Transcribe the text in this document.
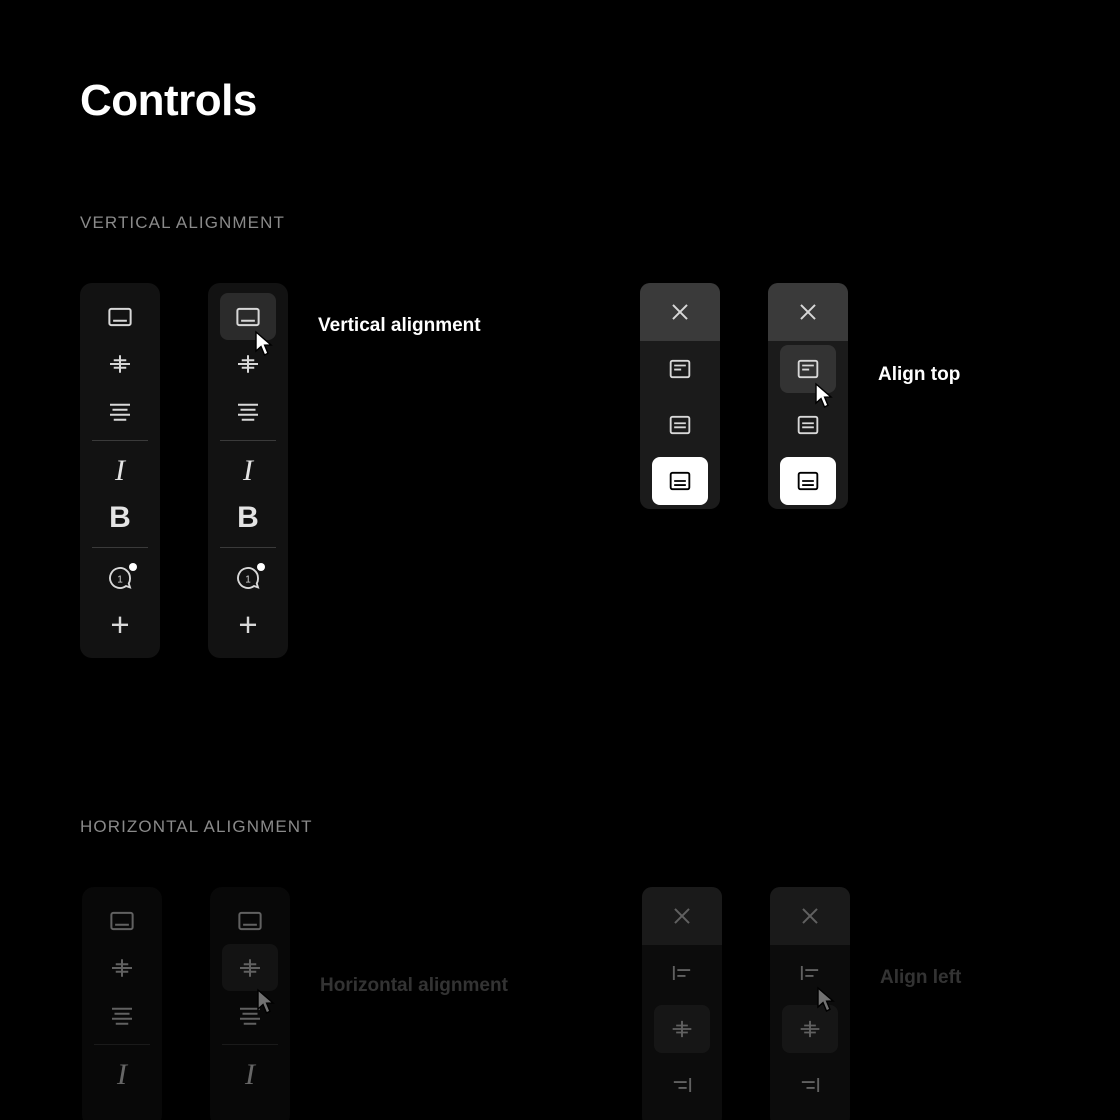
Controls
VERTICAL ALIGNMENT
I
B
1
+
I
B
1
+
Vertical alignment
Align top
HORIZONTAL ALIGNMENT
I	I
Horizontal alignment	Align left
